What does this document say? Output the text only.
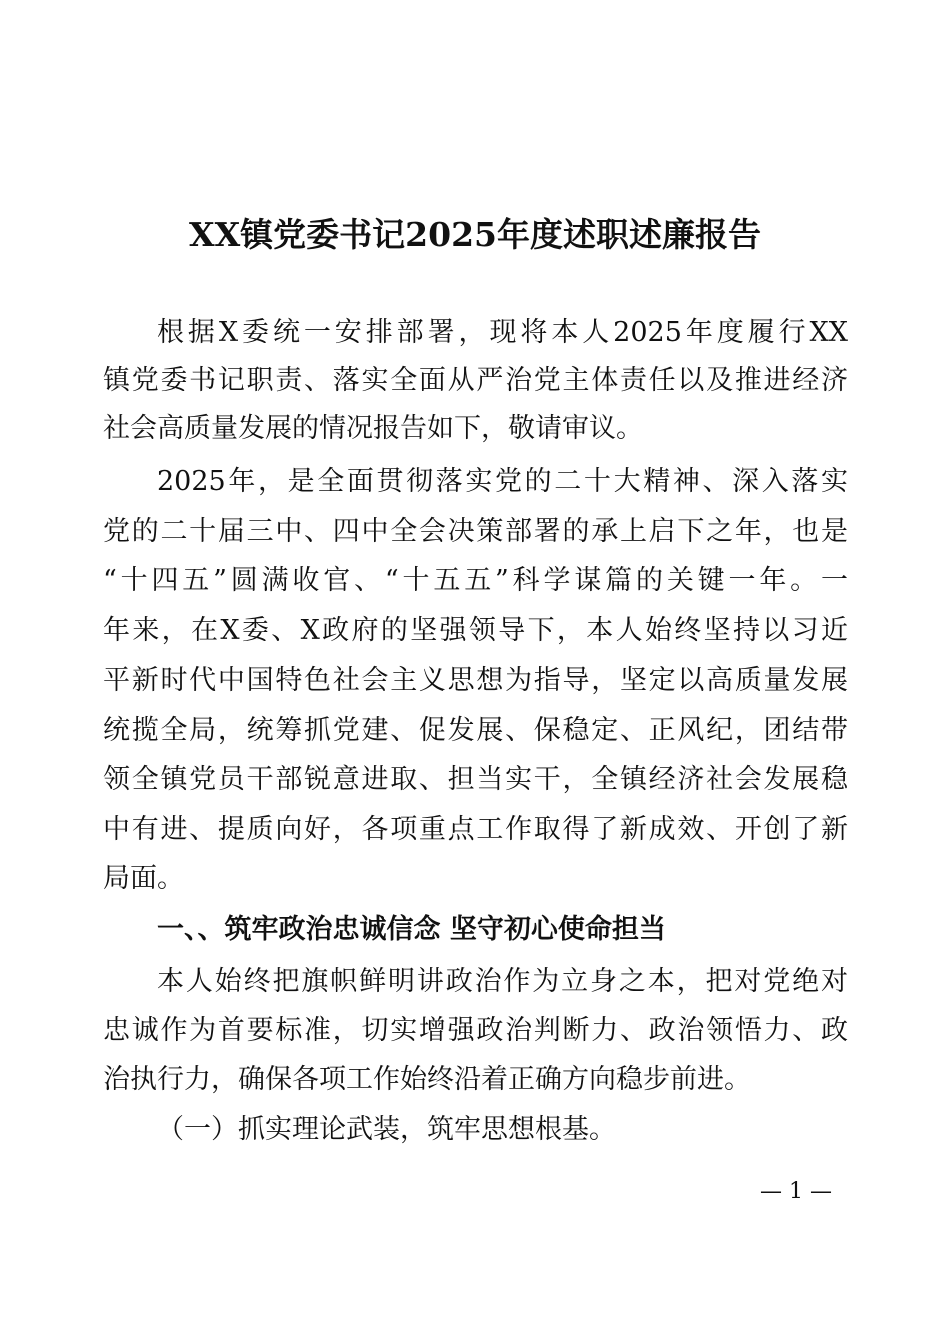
XX镇党委书记2025年度述职述廉报告
根据X委统一安排部署，现将本人2025年度履行XX
镇党委书记职责、落实全面从严治党主体责任以及推进经济
社会高质量发展的情况报告如下，敬请审议。
2025年，是全面贯彻落实党的二十大精神、深入落实
党的二十届三中、四中全会决策部署的承上启下之年，也是
“十四五”圆满收官、“十五五”科学谋篇的关键一年。一
年来，在X委、X政府的坚强领导下，本人始终坚持以习近
平新时代中国特色社会主义思想为指导，坚定以高质量发展
统揽全局，统筹抓党建、促发展、保稳定、正风纪，团结带
领全镇党员干部锐意进取、担当实干，全镇经济社会发展稳
中有进、提质向好，各项重点工作取得了新成效、开创了新
局面。
一、、筑牢政治忠诚信念 坚守初心使命担当
本人始终把旗帜鲜明讲政治作为立身之本，把对党绝对
忠诚作为首要标准，切实增强政治判断力、政治领悟力、政
治执行力，确保各项工作始终沿着正确方向稳步前进。
（一）抓实理论武装，筑牢思想根基。
— 1 —
